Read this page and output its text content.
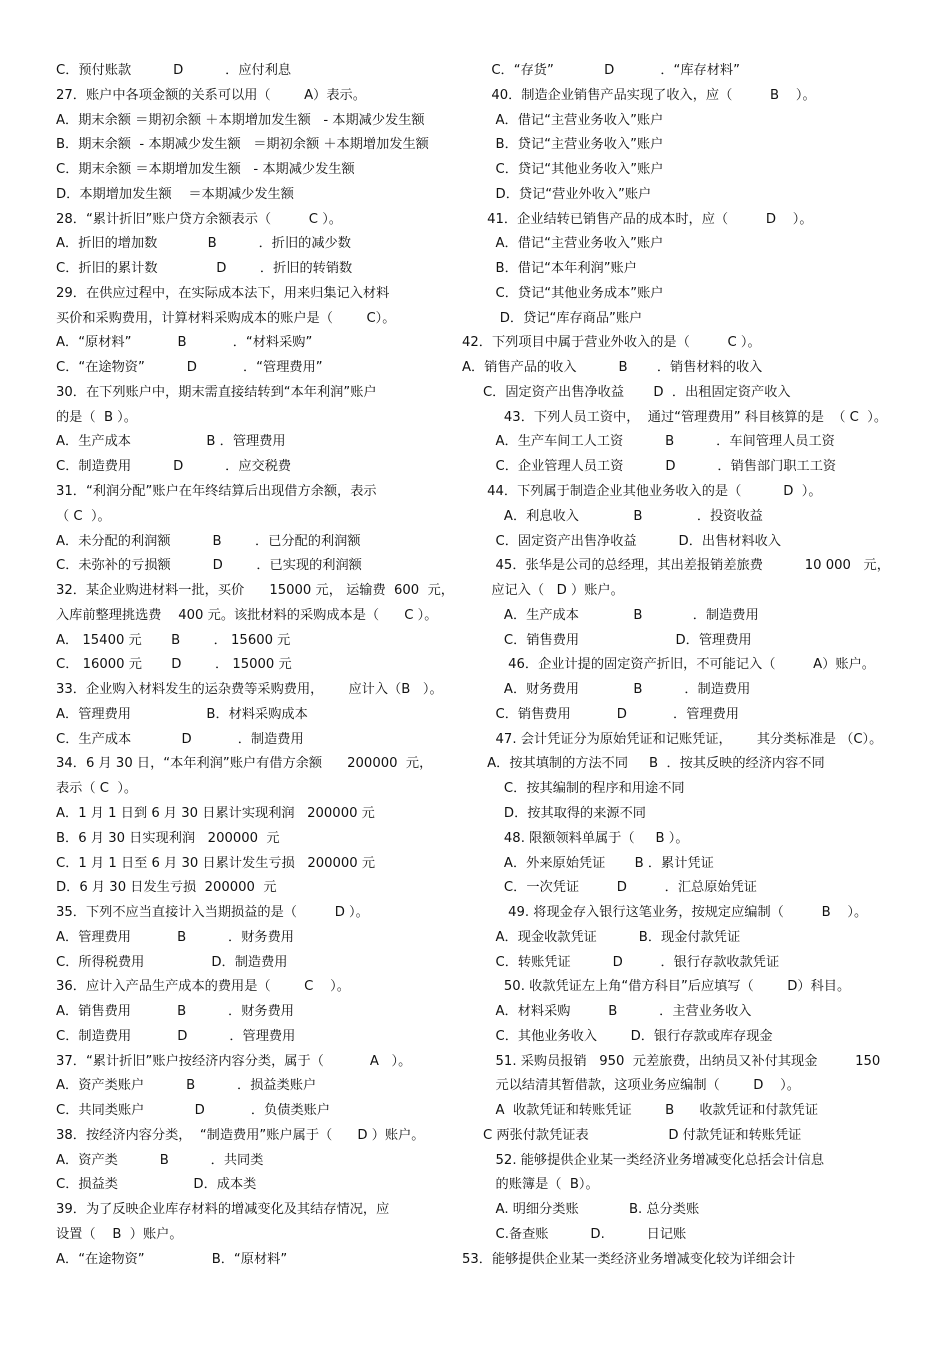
C．预付账款          D          ．应付利息
27．账户中各项金额的关系可以用（        A）表示。
A．期末余额 ＝期初余额 ＋本期增加发生额   - 本期减少发生额
B．期末余额  - 本期减少发生额   ＝期初余额 ＋本期增加发生额
C．期末余额 ＝本期增加发生额   - 本期减少发生额
D．本期增加发生额    ＝本期减少发生额
28．“累计折旧”账户贷方余额表示（         C ）。
A．折旧的增加数            B          ．折旧的减少数
C．折旧的累计数              D        ．折旧的转销数
29．在供应过程中，在实际成本法下，用来归集记入材料
买价和采购费用，计算材料采购成本的账户是（        C）。
A．“原材料”           B           ．“材料采购”
C．“在途物资”          D           ．“管理费用”
30．在下列账户中，期末需直接结转到“本年利润”账户
的是（  B ）。
A．生产成本                  B ．管理费用
C．制造费用          D          ．应交税费
31．“利润分配”账户在年终结算后出现借方余额，表示
（ C  ）。
A．未分配的利润额          B        ．已分配的利润额
C．未弥补的亏损额          D        ．已实现的利润额
32．某企业购进材料一批，买价      15000 元， 运输费  600  元，
入库前整理挑选费    400 元。该批材料的采购成本是（      C ）。
A． 15400 元       B        ． 15600 元
C． 16000 元       D        ． 15000 元
33．企业购入材料发生的运杂费等采购费用，      应计入（B   ）。
A．管理费用                  B．材料采购成本
C．生产成本            D           ．制造费用
34．6 月 30 日，“本年利润”账户有借方余额      200000  元，
表示（ C  ）。
A．1 月 1 日到 6 月 30 日累计实现利润   200000 元
B．6 月 30 日实现利润   200000  元
C．1 月 1 日至 6 月 30 日累计发生亏损   200000 元
D．6 月 30 日发生亏损  200000  元
35．下列不应当直接计入当期损益的是（         D ）。
A．管理费用           B          ．财务费用
C．所得税费用                D．制造费用
36．应计入产品生产成本的费用是（        C    ）。
A．销售费用           B          ．财务费用
C．制造费用           D          ．管理费用
37．“累计折旧”账户按经济内容分类，属于（           A   ）。
A．资产类账户          B          ．损益类账户
C．共同类账户            D           ．负债类账户
38．按经济内容分类，  “制造费用”账户属于（      D ）账户。
A．资产类          B          ．共同类
C．损益类                  D．成本类
39．为了反映企业库存材料的增减变化及其结存情况，应
设置（    B  ）账户。
A．“在途物资”                B．“原材料”
C．“存货”            D           ．“库存材料”
40．制造企业销售产品实现了收入，应（         B    ）。
A．借记“主营业务收入”账户
B．贷记“主营业务收入”账户
C．贷记“其他业务收入”账户
D．贷记“营业外收入”账户
41．企业结转已销售产品的成本时，应（         D    ）。
A．借记“主营业务收入”账户
B．借记“本年利润”账户
C．贷记“其他业务成本”账户
D．贷记“库存商品”账户
42．下列项目中属于营业外收入的是（         C ）。
A．销售产品的收入          B       ．销售材料的收入
C．固定资产出售净收益       D  ．出租固定资产收入
43．下列人员工资中，  通过“管理费用” 科目核算的是  （ C  ）。
A．生产车间工人工资          B          ．车间管理人员工资
C．企业管理人员工资          D          ．销售部门职工工资
44．下列属于制造企业其他业务收入的是（          D  ）。
A．利息收入             B             ．投资收益
C．固定资产出售净收益          D．出售材料收入
45．张华是公司的总经理，其出差报销差旅费          10 000   元，
应记入（   D ）账户。
A．生产成本             B            ．制造费用
C．销售费用                       D．管理费用
46．企业计提的固定资产折旧，不可能记入（         A）账户。
A．财务费用             B          ．制造费用
C．销售费用           D           ．管理费用
47. 会计凭证分为原始凭证和记账凭证，      其分类标准是 （C）。
A．按其填制的方法不同     B  ．按其反映的经济内容不同
C．按其编制的程序和用途不同
D．按其取得的来源不同
48. 限额领料单属于（     B ）。
A．外来原始凭证       B ．累计凭证
C．一次凭证         D         ．汇总原始凭证
49. 将现金存入银行这笔业务，按规定应编制（         B    ）。
A．现金收款凭证          B．现金付款凭证
C．转账凭证          D         ．银行存款收款凭证
50. 收款凭证左上角“借方科目”后应填写（        D）科目。
A．材料采购         B          ．主营业务收入
C．其他业务收入        D．银行存款或库存现金
51. 采购员报销   950  元差旅费，出纳员又补付其现金         150
元以结清其暂借款，这项业务应编制（        D    ）。
A  收款凭证和转账凭证        B      收款凭证和付款凭证
C 两张付款凭证表                   D 付款凭证和转账凭证
52. 能够提供企业某一类经济业务增减变化总括会计信息
的账簿是（  B）。
A. 明细分类账            B. 总分类账
C.备查账          D.          日记账
53．能够提供企业某一类经济业务增减变化较为详细会计
